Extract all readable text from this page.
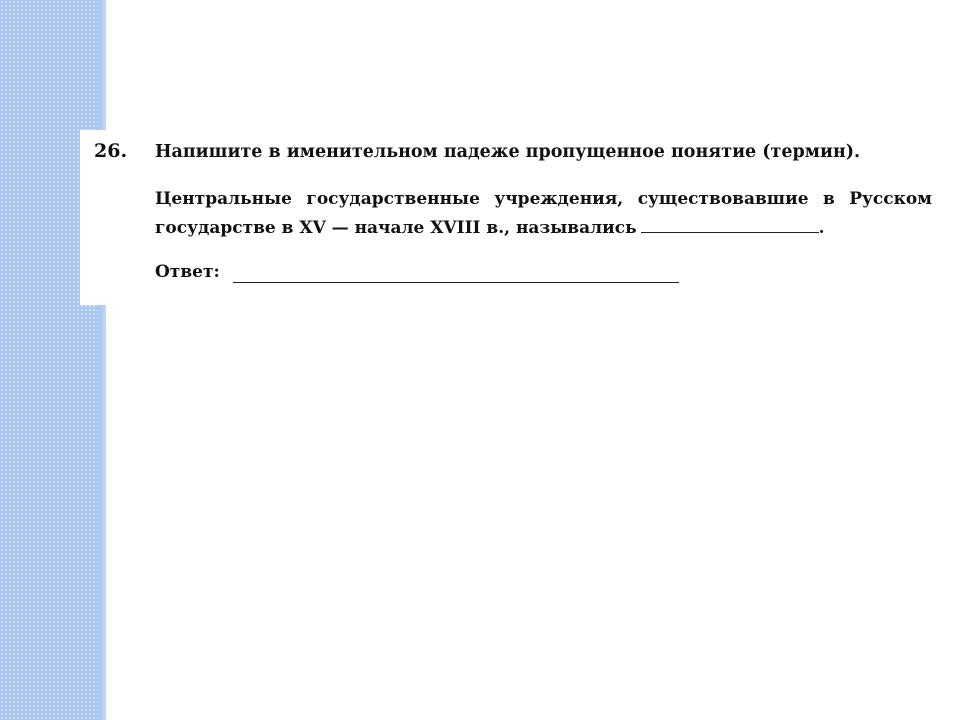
26. Напишите в именительном падеже пропущенное понятие (термин).
Центральные государственные учреждения, существовавшие в Русском государстве в XV — начале XVIII в., назывались	.
Ответ:
